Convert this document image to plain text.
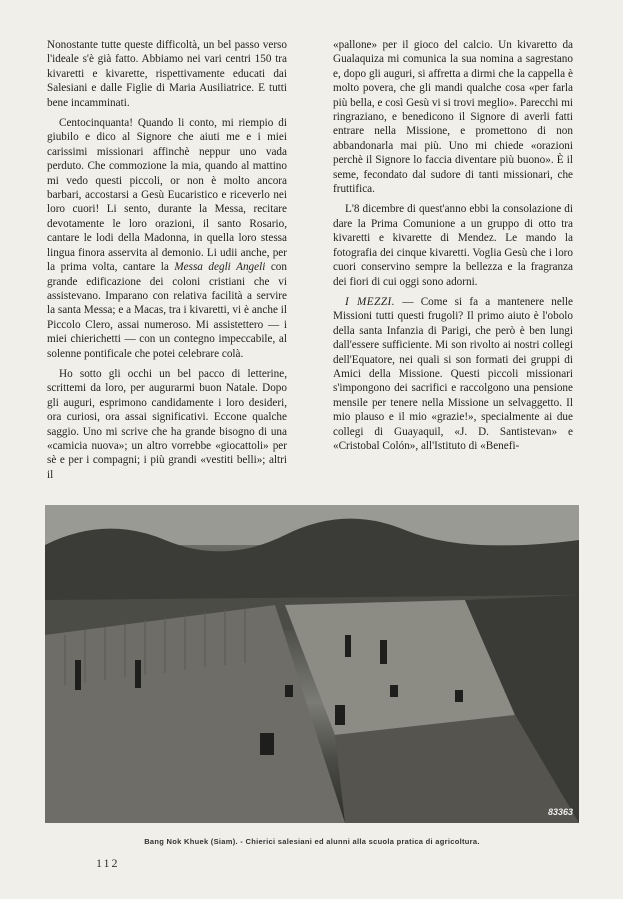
Nonostante tutte queste difficoltà, un bel passo verso l'ideale s'è già fatto. Abbiamo nei vari centri 150 tra kivaretti e kivarette, rispettivamente educati dai Salesiani e dalle Figlie di Maria Ausiliatrice. E tutti bene incamminati.

Centocinquanta! Quando li conto, mi riempio di giubilo e dico al Signore che aiuti me e i miei carissimi missionari affinchè neppur uno vada perduto. Che commozione la mia, quando al mattino mi vedo questi piccoli, or non è molto ancora barbari, accostarsi a Gesù Eucaristico e riceverlo nei loro cuori! Li sento, durante la Messa, recitare devotamente le loro orazioni, il santo Rosario, cantare le lodi della Madonna, in quella loro stessa lingua finora asservita al demonio. Li udii anche, per la prima volta, cantare la Messa degli Angeli con grande edificazione dei coloni cristiani che vi assistevano. Imparano con relativa facilità a servire la santa Messa; e a Macas, tra i kivaretti, vi è anche il Piccolo Clero, assai numeroso. Mi assistettero — i miei chierichetti — con un contegno impeccabile, al solenne pontificale che potei celebrare colà.

Ho sotto gli occhi un bel pacco di letterine, scrittemi da loro, per augurarmi buon Natale. Dopo gli auguri, esprimono candidamente i loro desideri, ora curiosi, ora assai significativi. Eccone qualche saggio. Uno mi scrive che ha grande bisogno di una «camicia nuova»; un altro vorrebbe «giocattoli» per sè e per i compagni; i più grandi «vestiti belli»; altri il

«pallone» per il gioco del calcio. Un kivaretto da Gualaquiza mi comunica la sua nomina a sagrestano e, dopo gli auguri, si affretta a dirmi che la cappella è molto povera, che gli mandi qualche cosa «per farla più bella, e così Gesù vi si trovi meglio». Parecchi mi ringraziano, e benedicono il Signore di averli fatti entrare nella Missione, e promettono di non abbandonarla mai più. Uno mi chiede «orazioni perchè il Signore lo faccia diventare più buono». È il seme, fecondato dal sudore di tanti missionari, che fruttifica.

L'8 dicembre di quest'anno ebbi la consolazione di dare la Prima Comunione a un gruppo di otto tra kivaretti e kivarette di Mendez. Le mando la fotografia dei cinque kivaretti. Voglia Gesù che i loro cuori conservino sempre la bellezza e la fragranza dei fiori di cui oggi sono adorni.

I MEZZI. — Come si fa a mantenere nelle Missioni tutti questi frugoli? Il primo aiuto è l'obolo della santa Infanzia di Parigi, che però è ben lungi dall'essere sufficiente. Mi son rivolto ai nostri collegi dell'Equatore, nei quali si son formati dei gruppi di Amici della Missione. Questi piccoli missionari s'impongono dei sacrifici e raccolgono una pensione mensile per tenere nella Missione un selvaggetto. Il mio plauso e il mio «grazie!», specialmente ai due collegi di Guayaquil, «J. D. Santistevan» e «Cristobal Colón», all'Istituto di «Benefi-

83363
Bang Nok Khuek (Siam). - Chierici salesiani ed alunni alla scuola pratica di agricoltura.
112
